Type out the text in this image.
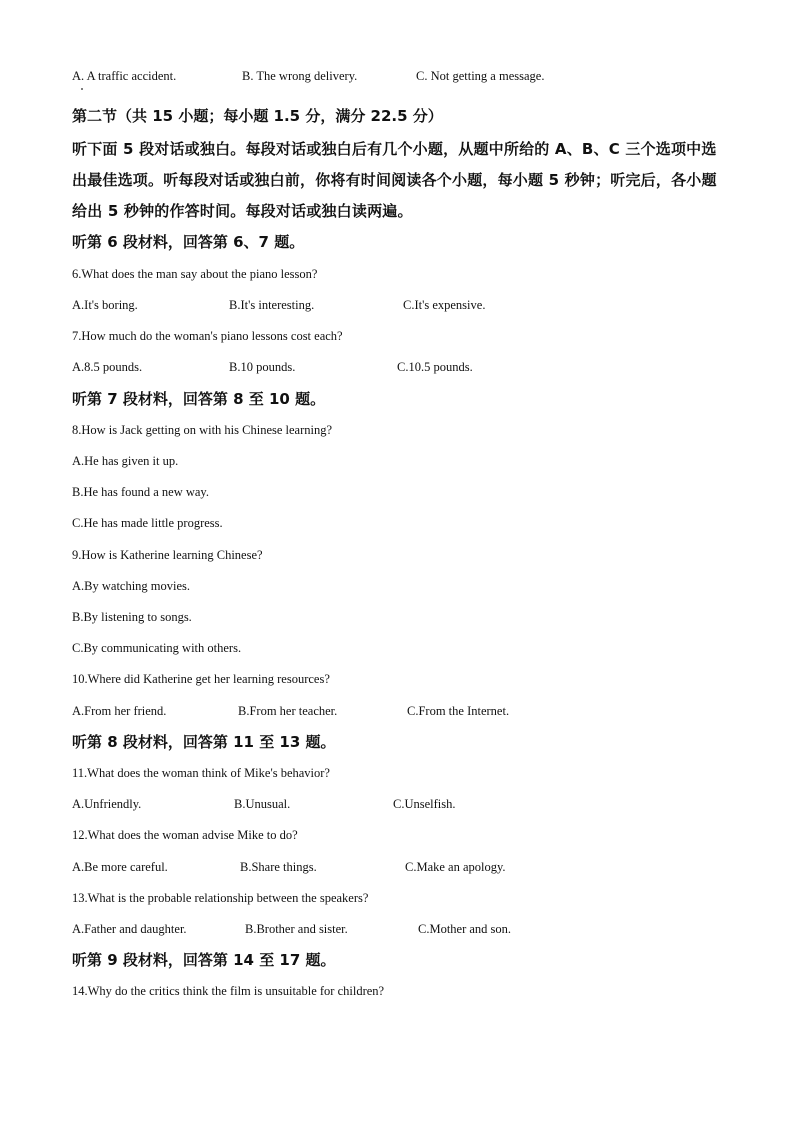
A. A traffic accident.	B. The wrong delivery.	C. Not getting a message.
第二节（共 15 小题；每小题 1.5 分，满分 22.5 分）
听下面 5 段对话或独白。每段对话或独白后有几个小题，从题中所给的 A、B、C 三个选项中选出最佳选项。听每段对话或独白前，你将有时间阅读各个小题，每小题 5 秒钟；听完后，各小题给出 5 秒钟的作答时间。每段对话或独白读两遍。
听第 6 段材料，回答第 6、7 题。
6.What does the man say about the piano lesson?
A.It's boring.	B.It's interesting.	C.It's expensive.
7.How much do the woman's piano lessons cost each?
A.8.5 pounds.	B.10 pounds.	C.10.5 pounds.
听第 7 段材料，回答第 8 至 10 题。
8.How is Jack getting on with his Chinese learning?
A.He has given it up.
B.He has found a new way.
C.He has made little progress.
9.How is Katherine learning Chinese?
A.By watching movies.
B.By listening to songs.
C.By communicating with others.
10.Where did Katherine get her learning resources?
A.From her friend.	B.From her teacher.	C.From the Internet.
听第 8 段材料，回答第 11 至 13 题。
11.What does the woman think of Mike's behavior?
A.Unfriendly.	B.Unusual.	C.Unselfish.
12.What does the woman advise Mike to do?
A.Be more careful.	B.Share things.	C.Make an apology.
13.What is the probable relationship between the speakers?
A.Father and daughter.	B.Brother and sister.	C.Mother and son.
听第 9 段材料，回答第 14 至 17 题。
14.Why do the critics think the film is unsuitable for children?
